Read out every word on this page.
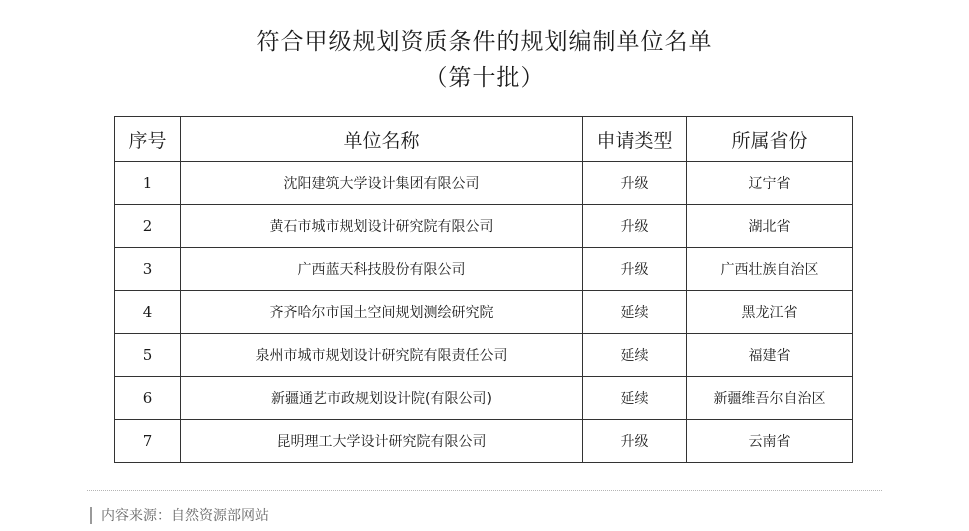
符合甲级规划资质条件的规划编制单位名单
（第十批）
序号	单位名称	申请类型	所属省份
1	沈阳建筑大学设计集团有限公司	升级	辽宁省
2	黄石市城市规划设计研究院有限公司	升级	湖北省
3	广西蓝天科技股份有限公司	升级	广西壮族自治区
4	齐齐哈尔市国土空间规划测绘研究院	延续	黑龙江省
5	泉州市城市规划设计研究院有限责任公司	延续	福建省
6	新疆通艺市政规划设计院(有限公司)	延续	新疆维吾尔自治区
7	昆明理工大学设计研究院有限公司	升级	云南省
内容来源：自然资源部网站
